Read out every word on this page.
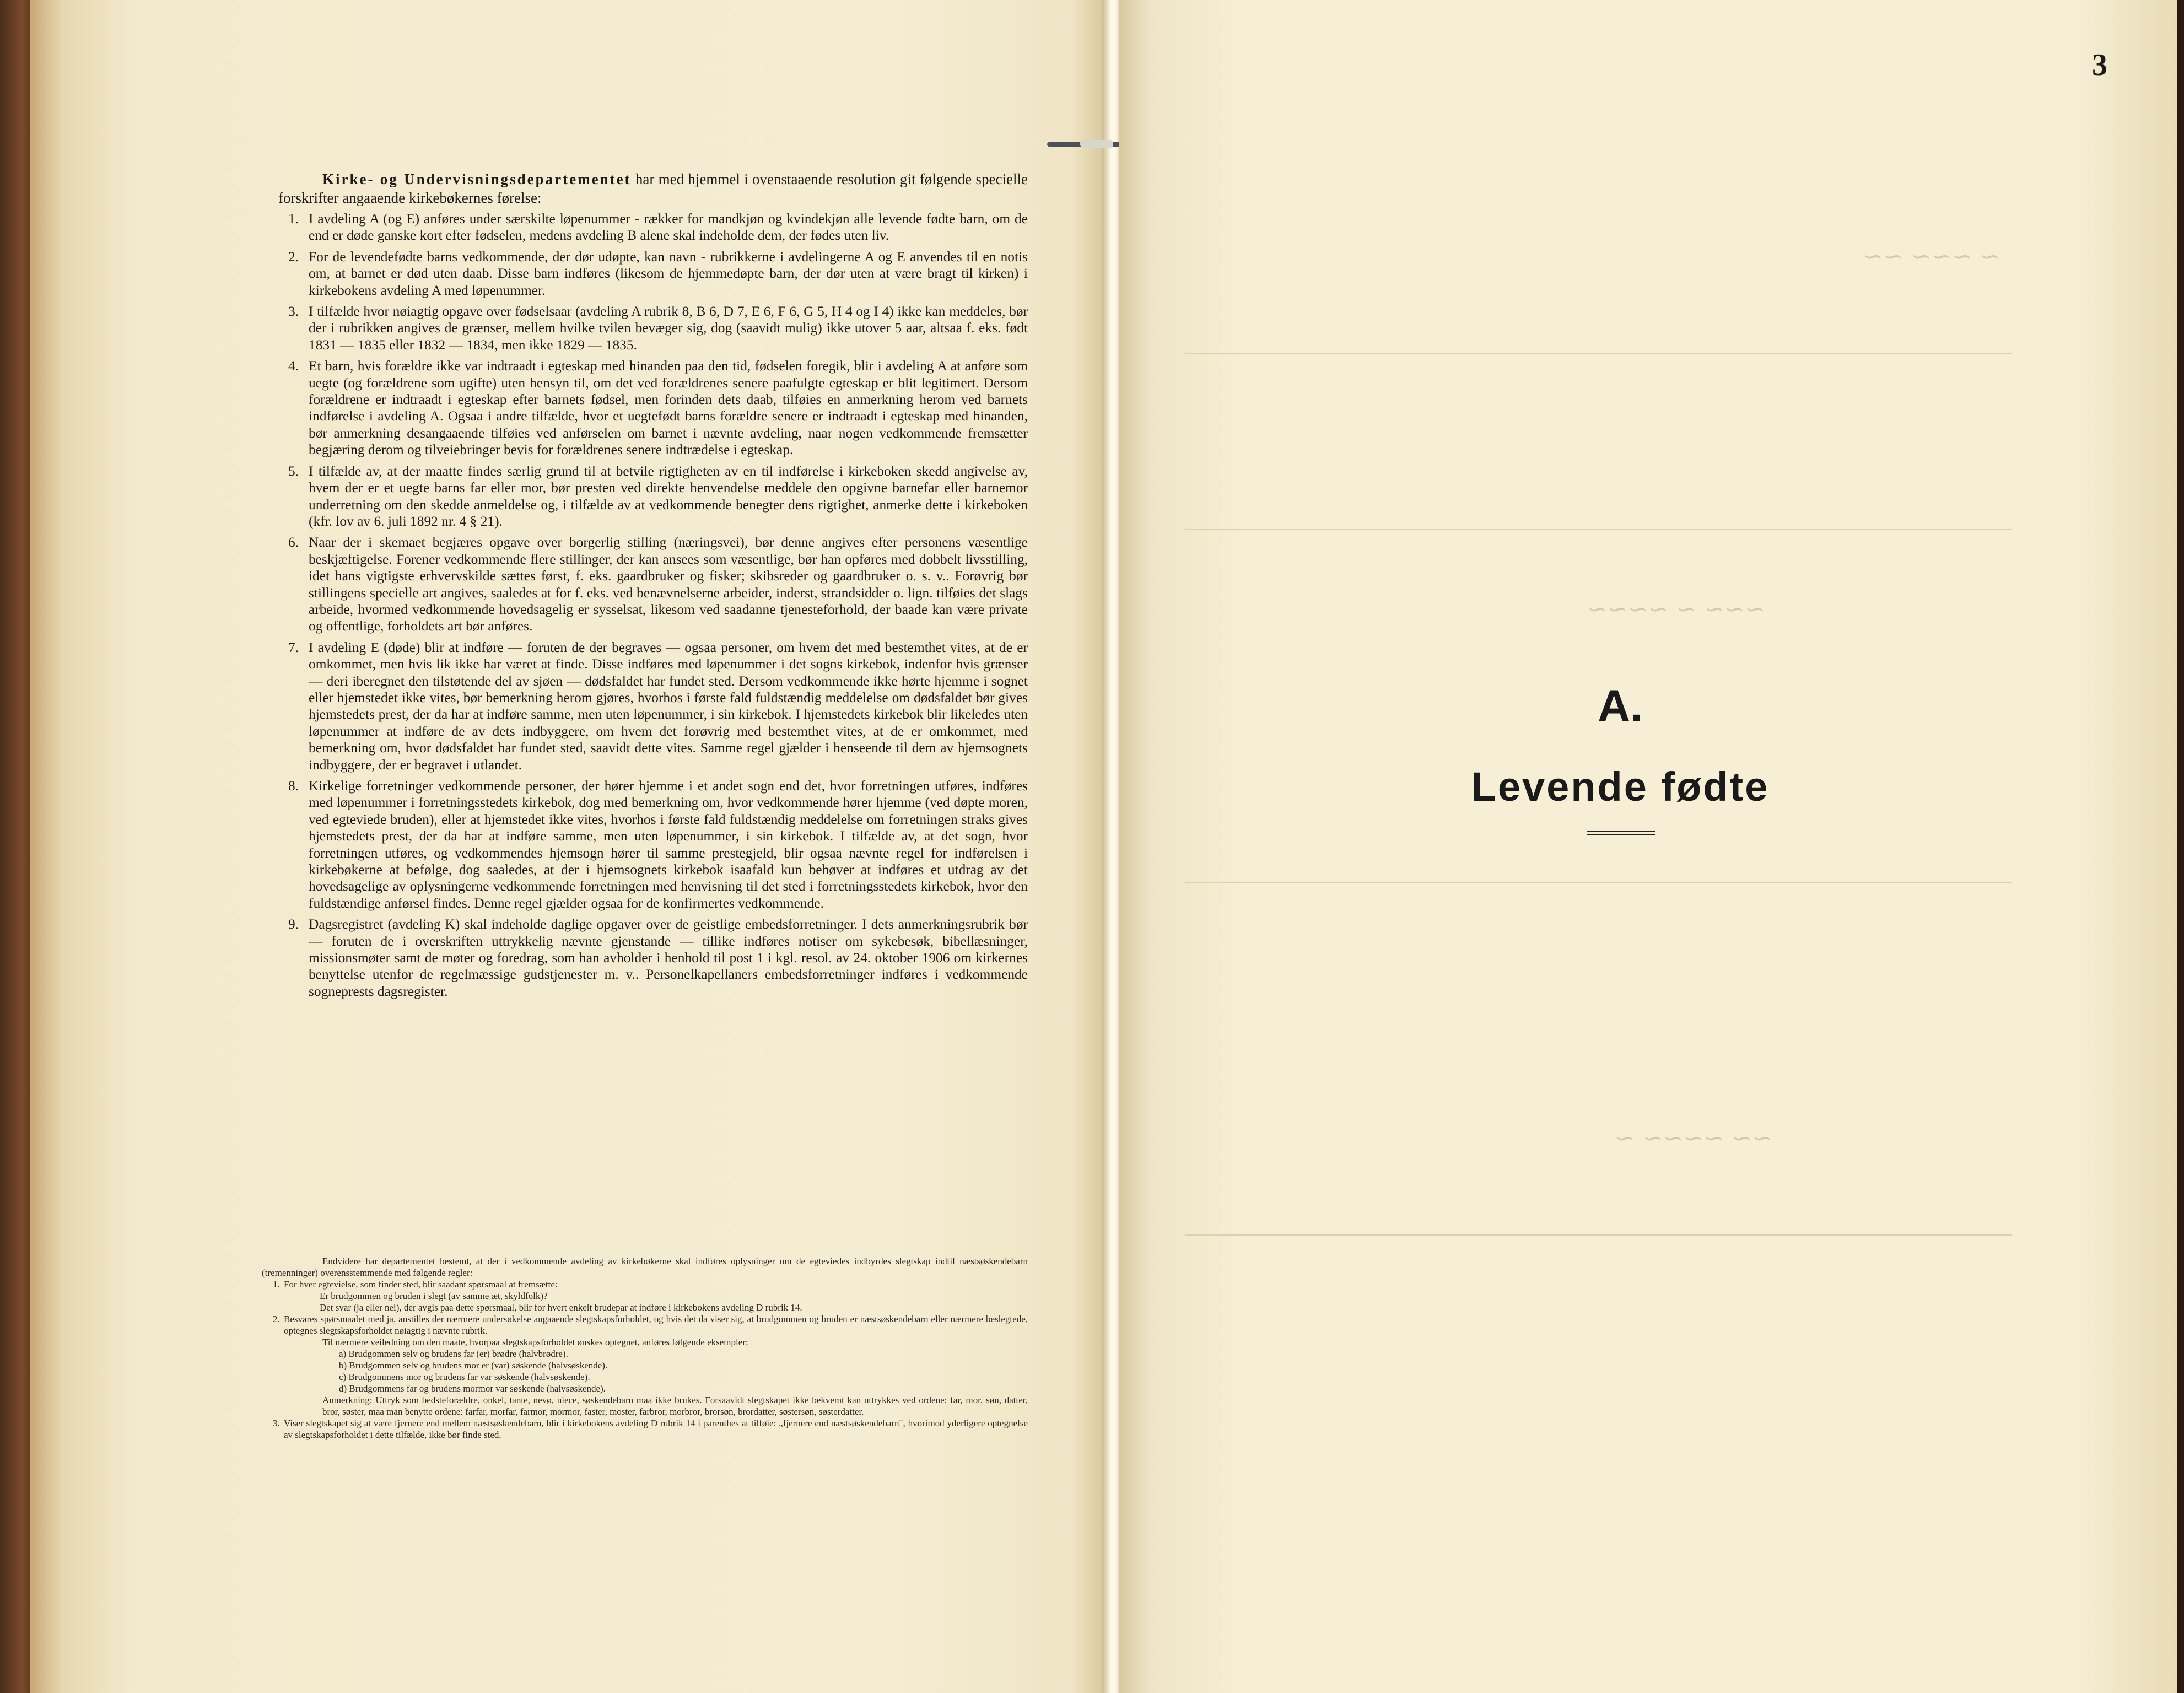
Kirke- og Undervisningsdepartementet har med hjemmel i ovenstaaende resolution git følgende specielle forskrifter angaaende kirkebøkernes førelse:

1. I avdeling A (og E) anføres under særskilte løpenummer - rækker for mandkjøn og kvindekjøn alle levende fødte barn, om de end er døde ganske kort efter fødselen, medens avdeling B alene skal indeholde dem, der fødes uten liv.
2. For de levendefødte barns vedkommende, der dør udøpte, kan navn - rubrikkerne i avdelingerne A og E anvendes til en notis om, at barnet er død uten daab. Disse barn indføres (likesom de hjemmedøpte barn, der dør uten at være bragt til kirken) i kirkebokens avdeling A med løpenummer.
3. I tilfælde hvor nøiagtig opgave over fødselsaar (avdeling A rubrik 8, B 6, D 7, E 6, F 6, G 5, H 4 og I 4) ikke kan meddeles, bør der i rubrikken angives de grænser, mellem hvilke tvilen bevæger sig, dog (saavidt mulig) ikke utover 5 aar, altsaa f. eks. født 1831 — 1835 eller 1832 — 1834, men ikke 1829 — 1835.
4. Et barn, hvis forældre ikke var indtraadt i egteskap med hinanden paa den tid, fødselen foregik, blir i avdeling A at anføre som uegte (og forældrene som ugifte) uten hensyn til, om det ved forældrenes senere paafulgte egteskap er blit legitimert. Dersom forældrene er indtraadt i egteskap efter barnets fødsel, men forinden dets daab, tilføies en anmerkning herom ved barnets indførelse i avdeling A. Ogsaa i andre tilfælde, hvor et uegtefødt barns forældre senere er indtraadt i egteskap med hinanden, bør anmerkning desangaaende tilføies ved anførselen om barnet i nævnte avdeling, naar nogen vedkommende fremsætter begjæring derom og tilveiebringer bevis for forældrenes senere indtrædelse i egteskap.
5. I tilfælde av, at der maatte findes særlig grund til at betvile rigtigheten av en til indførelse i kirkeboken skedd angivelse av, hvem der er et uegte barns far eller mor, bør presten ved direkte henvendelse meddele den opgivne barnefar eller barnemor underretning om den skedde anmeldelse og, i tilfælde av at vedkommende benegter dens rigtighet, anmerke dette i kirkeboken (kfr. lov av 6. juli 1892 nr. 4 § 21).
6. Naar der i skemaet begjæres opgave over borgerlig stilling (næringsvei), bør denne angives efter personens væsentlige beskjæftigelse. Forener vedkommende flere stillinger, der kan ansees som væsentlige, bør han opføres med dobbelt livsstilling, idet hans vigtigste erhvervskilde sættes først, f. eks. gaardbruker og fisker; skibsreder og gaardbruker o. s. v.. Forøvrig bør stillingens specielle art angives, saaledes at for f. eks. ved benævnelserne arbeider, inderst, strandsidder o. lign. tilføies det slags arbeide, hvormed vedkommende hovedsagelig er sysselsat, likesom ved saadanne tjenesteforhold, der baade kan være private og offentlige, forholdets art bør anføres.
7. I avdeling E (døde) blir at indføre — foruten de der begraves — ogsaa personer, om hvem det med bestemthet vites, at de er omkommet, men hvis lik ikke har været at finde. Disse indføres med løpenummer i det sogns kirkebok, indenfor hvis grænser — deri iberegnet den tilstøtende del av sjøen — dødsfaldet har fundet sted. Dersom vedkommende ikke hørte hjemme i sognet eller hjemstedet ikke vites, bør bemerkning herom gjøres, hvorhos i første fald fuldstændig meddelelse om dødsfaldet bør gives hjemstedets prest, der da har at indføre samme, men uten løpenummer, i sin kirkebok. I hjemstedets kirkebok blir likeledes uten løpenummer at indføre de av dets indbyggere, om hvem det forøvrig med bestemthet vites, at de er omkommet, med bemerkning om, hvor dødsfaldet har fundet sted, saavidt dette vites. Samme regel gjælder i henseende til dem av hjemsognets indbyggere, der er begravet i utlandet.
8. Kirkelige forretninger vedkommende personer, der hører hjemme i et andet sogn end det, hvor forretningen utføres, indføres med løpenummer i forretningsstedets kirkebok, dog med bemerkning om, hvor vedkommende hører hjemme (ved døpte moren, ved egteviede bruden), eller at hjemstedet ikke vites, hvorhos i første fald fuldstændig meddelelse om forretningen straks gives hjemstedets prest, der da har at indføre samme, men uten løpenummer, i sin kirkebok. I tilfælde av, at det sogn, hvor forretningen utføres, og vedkommendes hjemsogn hører til samme prestegjeld, blir ogsaa nævnte regel for indførelsen i kirkebøkerne at befølge, dog saaledes, at der i hjemsognets kirkebok isaafald kun behøver at indføres et utdrag av det hovedsagelige av oplysningerne vedkommende forretningen med henvisning til det sted i forretningsstedets kirkebok, hvor den fuldstændige anførsel findes. Denne regel gjælder ogsaa for de konfirmertes vedkommende.
9. Dagsregistret (avdeling K) skal indeholde daglige opgaver over de geistlige embedsforretninger. I dets anmerkningsrubrik bør — foruten de i overskriften uttrykkelig nævnte gjenstande — tillike indføres notiser om sykebesøk, bibellæsninger, missionsmøter samt de møter og foredrag, som han avholder i henhold til post 1 i kgl. resol. av 24. oktober 1906 om kirkernes benyttelse utenfor de regelmæssige gudstjenester m. v.. Personelkapellaners embedsforretninger indføres i vedkommende sogneprests dagsregister.

Endvidere har departementet bestemt, at der i vedkommende avdeling av kirkebøkerne skal indføres oplysninger om de egteviedes indbyrdes slegtskap indtil næstsøskendebarn (tremenninger) overensstemmende med følgende regler:

1. For hver egtevielse, som finder sted, blir saadant spørsmaal at fremsætte:

Er brudgommen og bruden i slegt (av samme æt, skyldfolk)?

Det svar (ja eller nei), der avgis paa dette spørsmaal, blir for hvert enkelt brudepar at indføre i kirkebokens avdeling D rubrik 14.

2. Besvares spørsmaalet med ja, anstilles der nærmere undersøkelse angaaende slegtskapsforholdet, og hvis det da viser sig, at brudgommen og bruden er næstsøskendebarn eller nærmere beslegtede, optegnes slegtskapsforholdet nøiagtig i nævnte rubrik.

Til nærmere veiledning om den maate, hvorpaa slegtskapsforholdet ønskes optegnet, anføres følgende eksempler:

a) Brudgommen selv og brudens far (er) brødre (halvbrødre).

b) Brudgommen selv og brudens mor er (var) søskende (halvsøskende).

c) Brudgommens mor og brudens far var søskende (halvsøskende).

d) Brudgommens far og brudens mormor var søskende (halvsøskende).

Anmerkning: Uttryk som bedsteforældre, onkel, tante, nevø, niece, søskendebarn maa ikke brukes. Forsaavidt slegtskapet ikke bekvemt kan uttrykkes ved ordene: far, mor, søn, datter, bror, søster, maa man benytte ordene: farfar, morfar, farmor, mormor, faster, moster, farbror, morbror, brorsøn, brordatter, søstersøn, søsterdatter.

3. Viser slegtskapet sig at være fjernere end mellem næstsøskendebarn, blir i kirkebokens avdeling D rubrik 14 i parenthes at tilføie: „fjernere end næstsøskendebarn", hvorimod yderligere optegnelse av slegtskapsforholdet i dette tilfælde, ikke bør finde sted.

~ ~~~ ~~
~~~ ~ ~~~~
~~ ~~~~ ~
3
A.
Levende fødte
